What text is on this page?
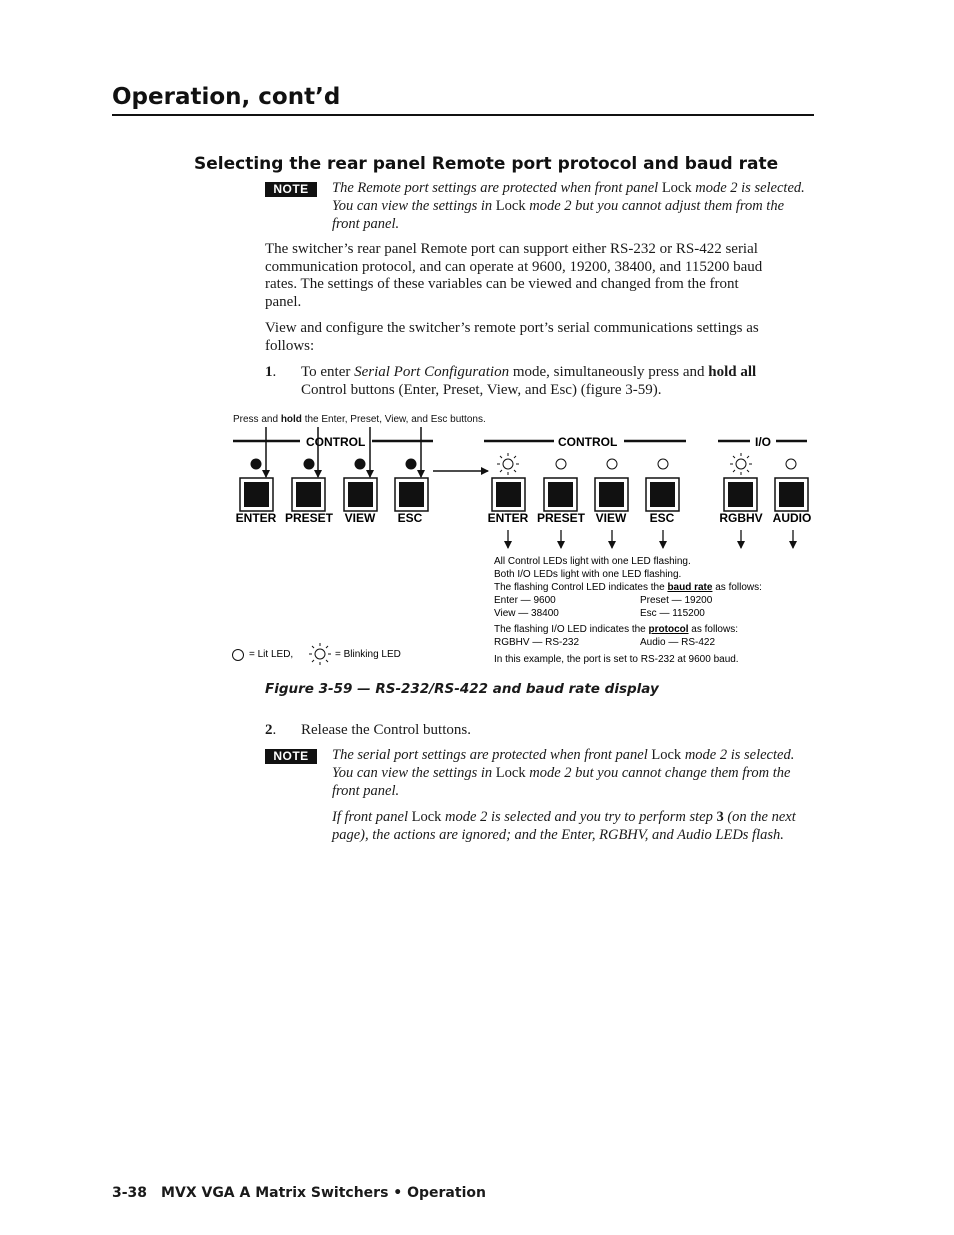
Operation, cont’d
Selecting the rear panel Remote port protocol and baud rate
NOTE	The Remote port settings are protected when front panel Lock mode 2 is selected.
You can view the settings in Lock mode 2 but you cannot adjust them from the
front panel.
The switcher’s rear panel Remote port can support either RS-232 or RS-422 serial
communication protocol, and can operate at 9600, 19200, 38400, and 115200 baud
rates. The settings of these variables can be viewed and changed from the front
panel.
View and configure the switcher’s remote port’s serial communications settings as
follows:
1. To enter Serial Port Configuration mode, simultaneously press and hold all
Control buttons (Enter, Preset, View, and Esc) (figure 3-59).
Press and hold the Enter, Preset, View, and Esc buttons.
CONTROL
ENTER PRESET VIEW ESC
CONTROL
ENTER PRESET VIEW ESC
I/O
RGBHV AUDIO
All Control LEDs light with one LED flashing.
Both I/O LEDs light with one LED flashing.
The flashing Control LED indicates the baud rate as follows:
Enter — 9600	Preset — 19200
View — 38400	Esc — 115200
The flashing I/O LED indicates the protocol as follows:
RGBHV — RS-232	Audio — RS-422
In this example, the port is set to RS-232 at 9600 baud.
= Lit LED,	= Blinking LED
Figure 3-59 — RS-232/RS-422 and baud rate display
2. Release the Control buttons.
NOTE	The serial port settings are protected when front panel Lock mode 2 is selected.
You can view the settings in Lock mode 2 but you cannot change them from the
front panel.
If front panel Lock mode 2 is selected and you try to perform step 3 (on the next
page), the actions are ignored; and the Enter, RGBHV, and Audio LEDs flash.
3-38 MVX VGA A Matrix Switchers • Operation
